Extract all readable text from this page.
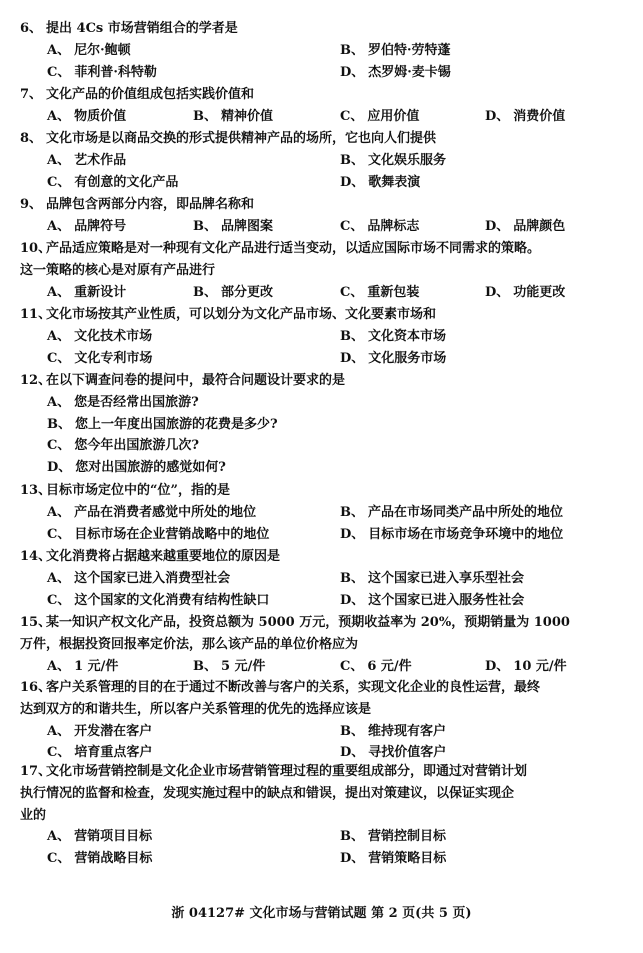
6、 提出 4Cs 市场营销组合的学者是
A、 尼尔·鲍顿	B、 罗伯特·劳特蓬
C、 菲利普·科特勒	D、 杰罗姆·麦卡锡
7、 文化产品的价值组成包括实践价值和
A、 物质价值	B、 精神价值	C、 应用价值	D、 消费价值
8、 文化市场是以商品交换的形式提供精神产品的场所，它也向人们提供
A、 艺术作品	B、 文化娱乐服务
C、 有创意的文化产品	D、 歌舞表演
9、 品牌包含两部分内容，即品牌名称和
A、 品牌符号	B、 品牌图案	C、 品牌标志	D、 品牌颜色
10、产品适应策略是对一种现有文化产品进行适当变动，以适应国际市场不同需求的策略。
这一策略的核心是对原有产品进行
A、 重新设计	B、 部分更改	C、 重新包装	D、 功能更改
11、文化市场按其产业性质，可以划分为文化产品市场、文化要素市场和
A、 文化技术市场	B、 文化资本市场
C、 文化专利市场	D、 文化服务市场
12、在以下调查问卷的提问中，最符合问题设计要求的是
A、 您是否经常出国旅游?
B、 您上一年度出国旅游的花费是多少?
C、 您今年出国旅游几次?
D、 您对出国旅游的感觉如何?
13、目标市场定位中的“位”，指的是
A、 产品在消费者感觉中所处的地位	B、 产品在市场同类产品中所处的地位
C、 目标市场在企业营销战略中的地位	D、 目标市场在市场竞争环境中的地位
14、文化消费将占据越来越重要地位的原因是
A、 这个国家已进入消费型社会	B、 这个国家已进入享乐型社会
C、 这个国家的文化消费有结构性缺口	D、 这个国家已进入服务性社会
15、某一知识产权文化产品，投资总额为 5000 万元，预期收益率为 20%，预期销量为 1000
万件，根据投资回报率定价法，那么该产品的单位价格应为
A、 1 元/件	B、 5 元/件	C、 6 元/件	D、 10 元/件
16、客户关系管理的目的在于通过不断改善与客户的关系，实现文化企业的良性运营，最终
达到双方的和谐共生，所以客户关系管理的优先的选择应该是
A、 开发潜在客户	B、 维持现有客户
C、 培育重点客户	D、 寻找价值客户
17、文化市场营销控制是文化企业市场营销管理过程的重要组成部分，即通过对营销计划
执行情况的监督和检查，发现实施过程中的缺点和错误，提出对策建议，以保证实现企
业的
A、 营销项目目标	B、 营销控制目标
C、 营销战略目标	D、 营销策略目标
浙 04127# 文化市场与营销试题 第 2 页(共 5 页)
